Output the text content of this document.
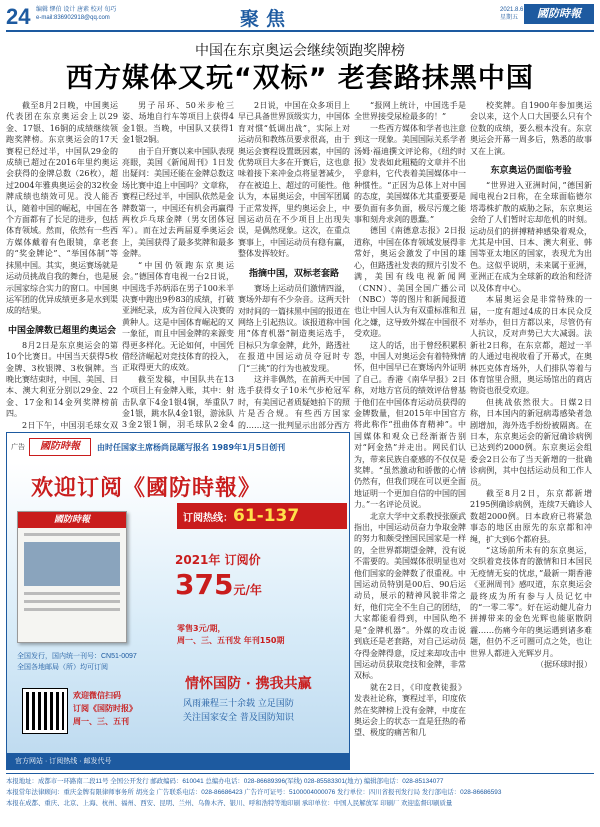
24 编辑 缪伯 设计 唐素 校对 旬巧
e-mail:836902918@qq.com	聚焦	2021.8.6
星期五	國防時報
中国在东京奥运会继续领跑奖牌榜
西方媒体又玩“双标” 老套路抹黑中国

截至8月2日晚，中国奥运代表团在东京奥运会上以29金、17银、16铜的成绩继续领跑奖牌榜。东京奥运会的17天赛程已经过半，中国队29金的成绩已超过在2016年里约奥运会获得的金牌总数（26枚），超过2004年雅典奥运会的32枚金牌成绩也绩效可见。没人能否认，随着中国的崛起，中国在各个方面都有了长足的进步，包括体育领域。然而，依然有一些西方媒体戴着有色眼镜，拿老套的“奖金牌论”、“举国体制”等抹黑中国。其实，奥运赛场就是运动员挑战自我的舞台，也是展示国家综合实力的窗口。中国奥运军团的优异成绩更多是水到渠成的结果。

中国金牌数已超里约奥运会

8月2日是东京奥运会的第10个比赛日。中国当天获得5枚金牌、3枚银牌、3枚铜牌。当晚比赛结束时，中国、美国、日本、澳大利亚分别以29金、22金、17金和14金列奖牌榜前四。

2日下午，中国羽毛球女双

男子吊环、50米步枪三姿、场地自行车等项目上获得4金1银。当晚，中国队又获得1金1银2铜。

由于自开赛以来中国队表现亮眼，美国《新闻周刊》1日发出疑问：美国还能在金牌总数这场比赛中追上中国吗？文章称，赛程已经过半，中国队依然是金牌数第一，中国还有机会再赢得两枚乒乓球金牌（男女团体冠军）。而在过去两届夏季奥运会上，美国获得了最多奖牌和最多金牌。

“中国仍领跑东京奥运会。”德国体育电视一台2日说，中国选手苏炳添在男子100米半决赛中跑出9秒83的成绩，打破亚洲纪录，成为首位闯入决赛的黄种人。这是中国体育崛起的又一象征，而且中国金牌的来源变得更多样化。无论如何，中国凭借经济崛起对竞技体育的投入，正取得更大的成效。

截至发稿，中国队共在13个项目上有金牌入账，其中：射击队拿下4金1银4铜，举重队7金1银，跳水队4金1银，游泳队3金2银1铜，羽毛球队2金4

2日说，中国在众多项目上早已具备世界顶级实力，中国体育对惯“低调出战”，实际上对运动员和教练员要求很高，由于奥运会赛程设置既因素，中国的优势项目大多在开赛后，这也意味着接下来冲金点将显著减少，存在被追上、超过的可能性。他认为，本届奥运会，中国军团属于正常发挥，里约奥运会上，中国运动员在不少项目上出现失误，是偶然现象。这次，在重点赛事上，中国运动员有稳有赢，整体发挥较好。

指摘中国，双标老套路

赛场上运动员们激情四溢，赛场外却有不少杂音。这两天针对时间的一篇抹黑中国的报道在网络上引起热议。该报道称中国用“体育机器”制造奥运选手，目标只为拿金牌，此外，路透社在报道中国运动员夺冠时专门“三挑”的行为也被发现。

这并非偶然，在前两天中国选手获得女子10米气步枪冠军时，有美国记者质疑她拍下的照片是否合规。有些西方国家的……这一批判显示出部分西方

“报网上统计，中国选手是全世界接受尿检最多的！”

一些西方媒体和学者也注意到这一现象。美国国际关系学者汤姆·福迪撰文评论称，《纽约时报》发表如此粗糙的文章并不出乎意料，它代表着美国媒体中一种惯性。“正因为总体上对中国的态度，美国媒体尤其重要要是要负面有多负面，极尽污蔑之能事和刻舟求剑的愚蠢。”

德国《南德意志报》2日报道称，中国在体育领域发展得非常好，奥运会激发了中国的雄心，但路透社发表的照片引发不满，美国有线电视新闻网（CNN）、美国全国广播公司（NBC）等的图片和新闻报道也让中国人认为有双重标准和丑化之嫌，这导致外媒在中国很不受欢迎。

这人的话，出于曾经积累积怨，中国人对奥运会有着特殊情怀，但中国早已在赛场内外证明了自己。香港《南华早报》2日称，对地方官员的绩效评估曾基于他们在中国体育运动员获得的金牌数量，但2015年中国官方将此称作“扭曲体育精神”。中国媒体和观众已经渐渐告别对“阿金热”并走出。网民们认为，带来民族自豪感的不仅仅是奖牌。“虽然激动和骄傲的心情仍然有，但我们现在可以更全面地证明一个更加自信的中国的国力。”一名评论员说。

北京大学中文系教授张颐武指出，中国运动员奋力争取金牌的努力和颇受挫国民国家是一样的，全世界都期望金牌，没有说不需要的。美国媒体很明显也对他们国家的金牌数了很重视。中国运动员特别是00后、90后运动员，展示的精神风貌非常之好，他们完全不生自己的团结，大家都能看得到，中国队绝不是“金牌机器”。外媒的攻击说到底还是老套路，对自己运动员夺得金牌得意，反过来却攻击中国运动员获取竞技和金牌，非常双标。

就在2日，《印度教徒报》发表社论称，赛程过半，印度依然在奖牌榜上没有金牌，中度在奥运会上的状态一直是狂热的希望、极度的痛苦和几

校奖牌。自1900年参加奥运会以来，这个人口大国要么只有个位数的成绩，要么根本没有。东京奥运会开幕一周多后，熟悉的故事又在上演。

东京奥运仍面临考验

“世界进入亚洲时间，”德国新闻电视台2日称，在全球面临德尔塔毒株扩散的威胁之际，东京奥运会给了人们暂时忘却危机的时刻。运动员们的拼搏精神感染着观众，尤其是中国、日本、澳大利亚、韩国等亚太地区的国家，表现尤为出色。这似乎说明，未来属于亚洲，亚洲正在成为全球新的政治和经济以及体育中心。

本届奥运会是非常特殊的一届，一度有超过4成的日本民众反对举办，但日方都以来，尽管仍有人抗议，反对声势已大大减弱。法新社2日称，在东京都，超过一半的人通过电视收看了开幕式，在奥林匹克体育场外，人们排队等着与体育馆里合照，奥运场馆出的商店物资也很受欢迎。

但挑战依然很大。日媒2日称，日本国内的新冠病毒感染者急剧增加，海外选手纷纷被隔离。在日本，东京奥运会的新冠确诊病例已达到约2000例。东京奥运会组委会2日公布了当天新增的一批确诊病例，其中包括运动员和工作人员。

截至8月2日，东京都新增2195例确诊病例，连续7天确诊人数超2000例。日本政府已将紧急事态的地区由原先的东京都和冲绳，扩大到6个都府县。

“这场前所未有的东京奥运，交织着竞技体育的激情和日本国民无疫情无妄的忧虑，”最新一期香港《亚洲周刊》感叹道，东京奥运会最终成为所有参与人员记忆中的“一零二零”。好在运动健儿奋力拼搏带来的金色光辉也能驱散阴霾……伤痛今年的奥运遇到诸多难题，但仍不乏可圈可点之处，也让世界人都进入光辉岁月。

（据环球时报）

广告	國防時報	由时任国家主席杨尚昆题写报名 1989年1月5日创刊
欢迎订阅《國防時報》
订阅热线：61-137
國防時報
2021年 订阅价
375元/年
零售3元/期，
周一、三、五刊发 年刊150期
全国发行，国内统一刊号：CN51-0097
全国各地邮局（所）均可订阅
欢迎微信扫码
订阅《国防时报》
周一、三、五刊
情怀国防 · 携我共赢
风雨兼程三十余载 立足国防
关注国家安全 普及国防知识
官方网站 · 订阅热线 · 邮发代号
本报地址：成都市一环路南二段11号 全国公开发行 邮政编码：610041 总编办电话：028-86689396(军线) 028-85583301(地方) 编辑部电话：028-85134077
本报常年法律顾问：重庆金牌有限律师事务所 胡亮金 广告联系电话：028-86686423 广告许可证号：5100004000076 发行单位：四川省报刊发行局 发行部电话：028-86686593
本报在成都、重庆、北京、上海、杭州、福州、西安、昆明、兰州、乌鲁木齐、银川、呼和浩特等地印刷 承印单位：中国人民解放军 印刷厂 欢迎监督印刷质量
